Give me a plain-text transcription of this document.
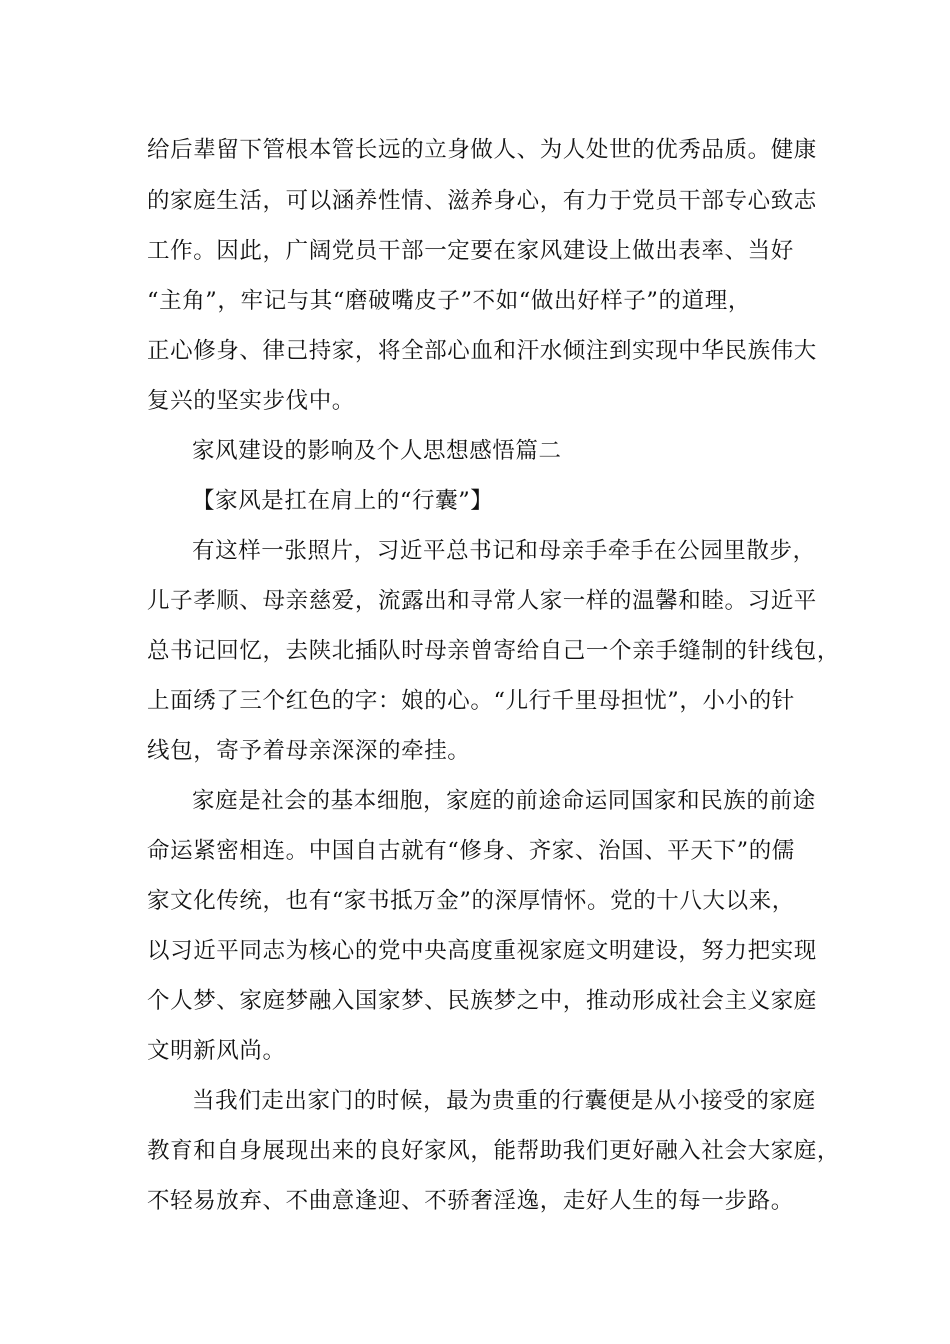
给后辈留下管根本管长远的立身做人、为人处世的优秀品质。健康
的家庭生活，可以涵养性情、滋养身心，有力于党员干部专心致志
工作。因此，广阔党员干部一定要在家风建设上做出表率、当好
“主角”，牢记与其“磨破嘴皮子”不如“做出好样子”的道理，
正心修身、律己持家，将全部心血和汗水倾注到实现中华民族伟大
复兴的坚实步伐中。
家风建设的影响及个人思想感悟篇二
【家风是扛在肩上的“行囊”】
有这样一张照片，习近平总书记和母亲手牵手在公园里散步，
儿子孝顺、母亲慈爱，流露出和寻常人家一样的温馨和睦。习近平
总书记回忆，去陕北插队时母亲曾寄给自己一个亲手缝制的针线包，
上面绣了三个红色的字：娘的心。“儿行千里母担忧”，小小的针
线包，寄予着母亲深深的牵挂。
家庭是社会的基本细胞，家庭的前途命运同国家和民族的前途
命运紧密相连。中国自古就有“修身、齐家、治国、平天下”的儒
家文化传统，也有“家书抵万金”的深厚情怀。党的十八大以来，
以习近平同志为核心的党中央高度重视家庭文明建设，努力把实现
个人梦、家庭梦融入国家梦、民族梦之中，推动形成社会主义家庭
文明新风尚。
当我们走出家门的时候，最为贵重的行囊便是从小接受的家庭
教育和自身展现出来的良好家风，能帮助我们更好融入社会大家庭，
不轻易放弃、不曲意逢迎、不骄奢淫逸，走好人生的每一步路。
